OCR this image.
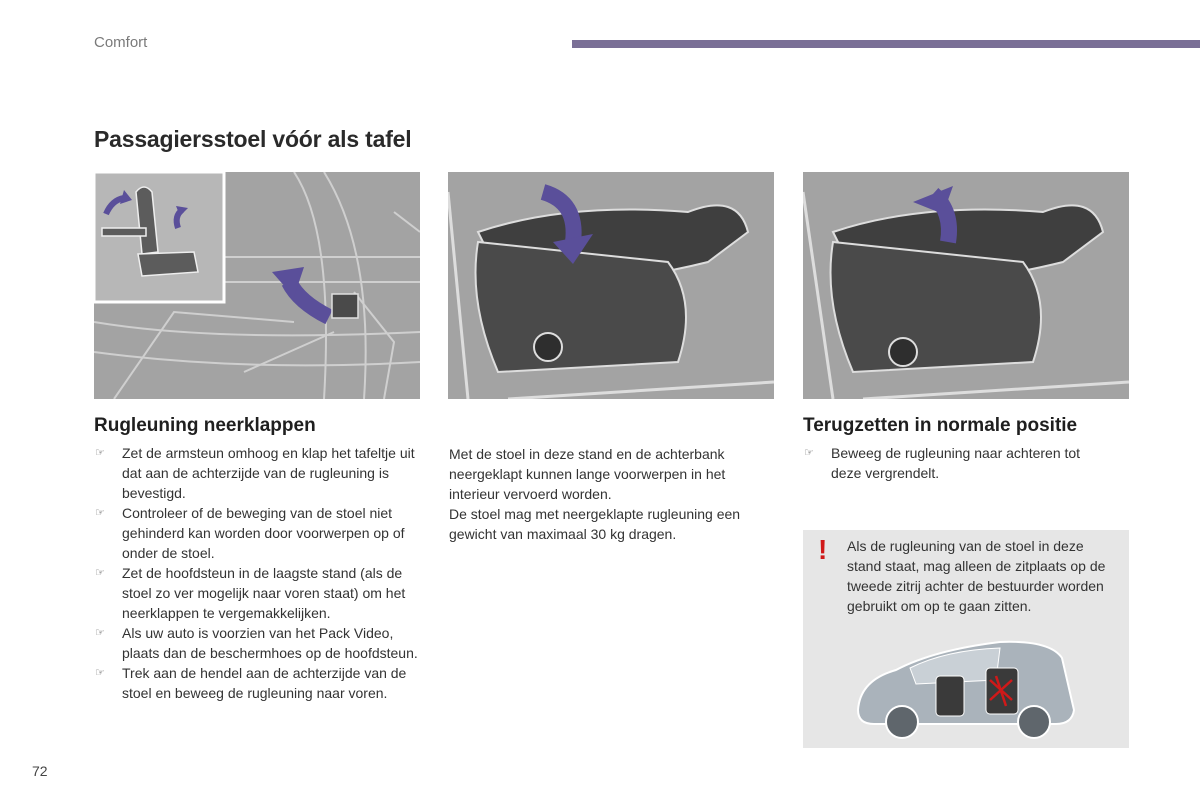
Comfort
Passagiersstoel vóór als tafel
Rugleuning neerklappen
☞ Zet de armsteun omhoog en klap het tafeltje uit dat aan de achterzijde van de rugleuning is bevestigd.
☞ Controleer of de beweging van de stoel niet gehinderd kan worden door voorwerpen op of onder de stoel.
☞ Zet de hoofdsteun in de laagste stand (als de stoel zo ver mogelijk naar voren staat) om het neerklappen te vergemakkelijken.
☞ Als uw auto is voorzien van het Pack Video, plaats dan de beschermhoes op de hoofdsteun.
☞ Trek aan de hendel aan de achterzijde van de stoel en beweeg de rugleuning naar voren.
Met de stoel in deze stand en de achterbank neergeklapt kunnen lange voorwerpen in het interieur vervoerd worden.
De stoel mag met neergeklapte rugleuning een gewicht van maximaal 30 kg dragen.
Terugzetten in normale positie
☞ Beweeg de rugleuning naar achteren tot deze vergrendelt.
! Als de rugleuning van de stoel in deze stand staat, mag alleen de zitplaats op de tweede zitrij achter de bestuurder worden gebruikt om op te gaan zitten.
72
